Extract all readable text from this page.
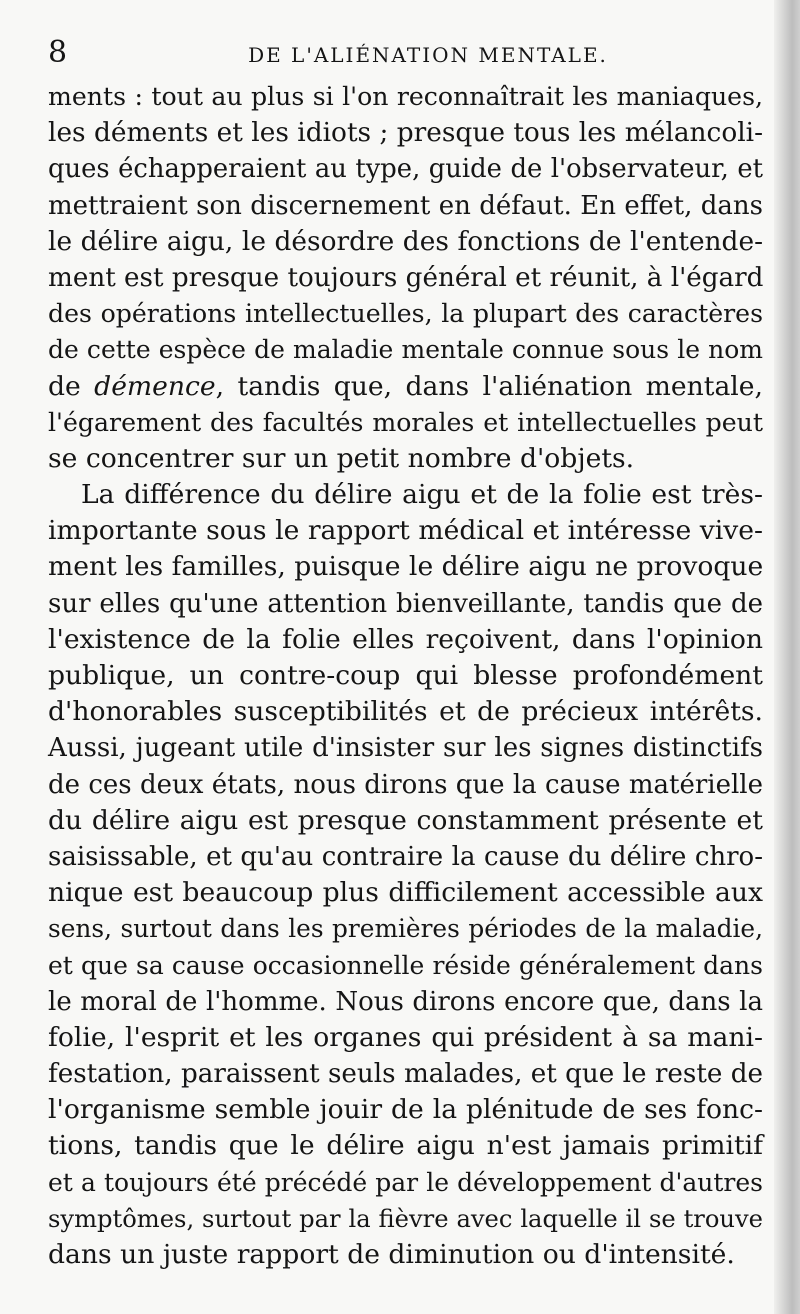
8	DE L'ALIÉNATION MENTALE.
ments : tout au plus si l'on reconnaîtrait les maniaques,
les déments et les idiots ; presque tous les mélancoli-
ques échapperaient au type, guide de l'observateur, et
mettraient son discernement en défaut. En effet, dans
le délire aigu, le désordre des fonctions de l'entende-
ment est presque toujours général et réunit, à l'égard
des opérations intellectuelles, la plupart des caractères
de cette espèce de maladie mentale connue sous le nom
de démence, tandis que, dans l'aliénation mentale,
l'égarement des facultés morales et intellectuelles peut
se concentrer sur un petit nombre d'objets.
La différence du délire aigu et de la folie est très-
importante sous le rapport médical et intéresse vive-
ment les familles, puisque le délire aigu ne provoque
sur elles qu'une attention bienveillante, tandis que de
l'existence de la folie elles reçoivent, dans l'opinion
publique, un contre-coup qui blesse profondément
d'honorables susceptibilités et de précieux intérêts.
Aussi, jugeant utile d'insister sur les signes distinctifs
de ces deux états, nous dirons que la cause matérielle
du délire aigu est presque constamment présente et
saisissable, et qu'au contraire la cause du délire chro-
nique est beaucoup plus difficilement accessible aux
sens, surtout dans les premières périodes de la maladie,
et que sa cause occasionnelle réside généralement dans
le moral de l'homme. Nous dirons encore que, dans la
folie, l'esprit et les organes qui président à sa mani-
festation, paraissent seuls malades, et que le reste de
l'organisme semble jouir de la plénitude de ses fonc-
tions, tandis que le délire aigu n'est jamais primitif
et a toujours été précédé par le développement d'autres
symptômes, surtout par la fièvre avec laquelle il se trouve
dans un juste rapport de diminution ou d'intensité.
